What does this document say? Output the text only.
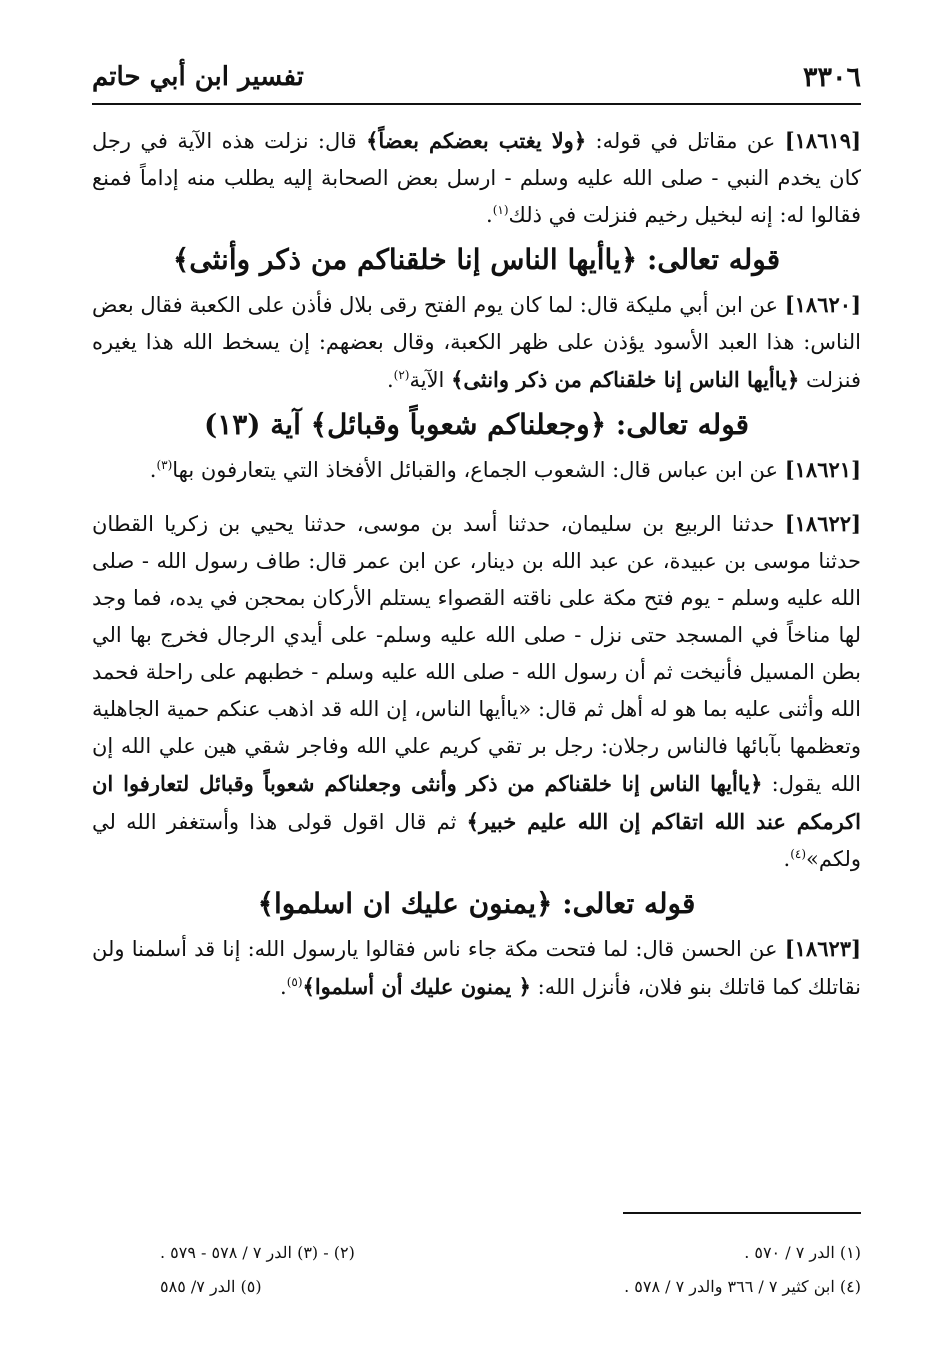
٣٣٠٦
تفسير ابن أبي حاتم

[١٨٦١٩] عن مقاتل في قوله: ﴿ولا يغتب بعضكم بعضاً﴾ قال: نزلت هذه الآية في رجل كان يخدم النبي - صلى الله عليه وسلم - ارسل بعض الصحابة إليه يطلب منه إداماً فمنع فقالوا له: إنه لبخيل رخيم فنزلت في ذلك$^{(١)}$.

قوله تعالى: ﴿ياأيها الناس إنا خلقناكم من ذكر وأنثى﴾

[١٨٦٢٠] عن ابن أبي مليكة قال: لما كان يوم الفتح رقى بلال فأذن على الكعبة فقال بعض الناس: هذا العبد الأسود يؤذن على ظهر الكعبة، وقال بعضهم: إن يسخط الله هذا يغيره فنزلت ﴿ياأيها الناس إنا خلقناكم من ذكر وانثى﴾ الآية$^{(٢)}$.

قوله تعالى: ﴿وجعلناكم شعوباً وقبائل﴾ آية (١٣)

[١٨٦٢١] عن ابن عباس قال: الشعوب الجماع، والقبائل الأفخاذ التي يتعارفون بها$^{(٣)}$.

[١٨٦٢٢] حدثنا الربيع بن سليمان، حدثنا أسد بن موسى، حدثنا يحيي بن زكريا القطان حدثنا موسى بن عبيدة، عن عبد الله بن دينار، عن ابن عمر قال: طاف رسول الله - صلى الله عليه وسلم - يوم فتح مكة على ناقته القصواء يستلم الأركان بمحجن في يده، فما وجد لها مناخاً في المسجد حتى نزل - صلى الله عليه وسلم- على أيدي الرجال فخرج بها الي بطن المسيل فأنيخت ثم أن رسول الله - صلى الله عليه وسلم - خطبهم على راحلة فحمد الله وأثنى عليه بما هو له أهل ثم قال: «ياأيها الناس، إن الله قد اذهب عنكم حمية الجاهلية وتعظمها بآبائها فالناس رجلان: رجل بر تقي كريم علي الله وفاجر شقي هين علي الله إن الله يقول: ﴿ياأيها الناس إنا خلقناكم من ذكر وأنثى وجعلناكم شعوباً وقبائل لتعارفوا ان اكرمكم عند الله اتقاكم إن الله عليم خبير﴾ ثم قال اقول قولى هذا وأستغفر الله لي ولكم»$^{(٤)}$.

قوله تعالى: ﴿يمنون عليك ان اسلموا﴾

[١٨٦٢٣] عن الحسن قال: لما فتحت مكة جاء ناس فقالوا يارسول الله: إنا قد أسلمنا ولن نقاتلك كما قاتلك بنو فلان، فأنزل الله: ﴿ يمنون عليك أن أسلموا﴾$^{(٥)}$.

(١) الدر ٧ / ٥٧٠ .
(٢) - (٣) الدر ٧ / ٥٧٨ - ٥٧٩ .
(٤) ابن كثير ٧ / ٣٦٦ والدر ٧ / ٥٧٨ .
(٥) الدر ٧/ ٥٨٥
